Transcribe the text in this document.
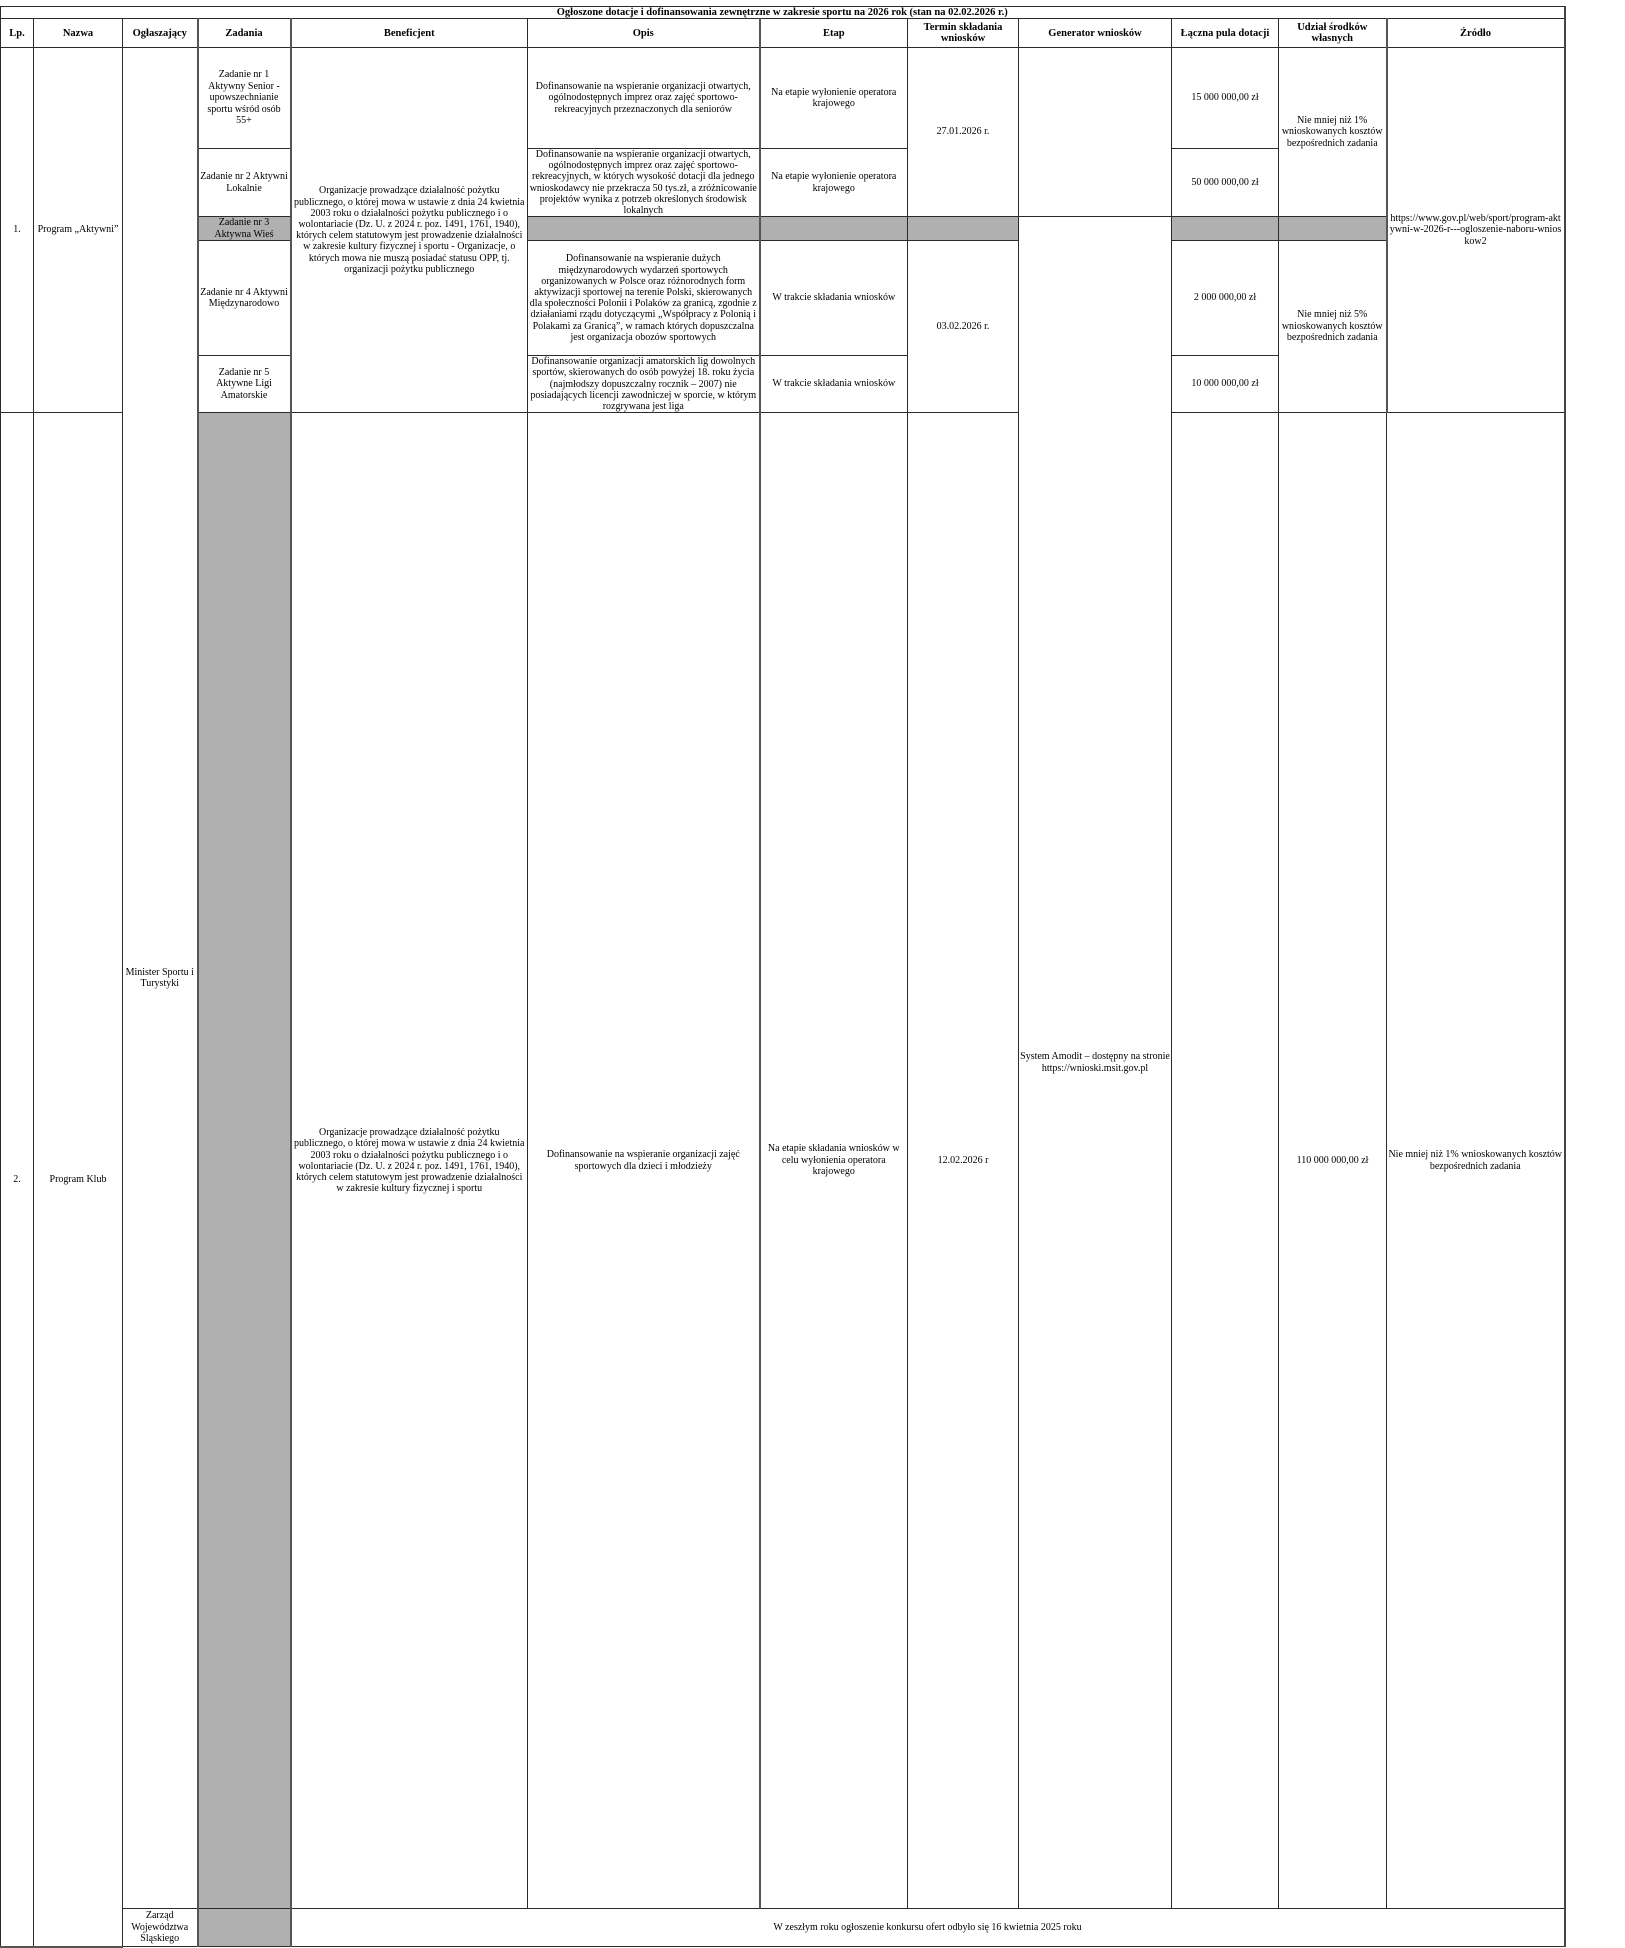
Ogłoszone dotacje i dofinansowania zewnętrzne w zakresie sportu na 2026 rok (stan na 02.02.2026 r.)												
Lp.	Nazwa	Ogłaszający	Zadania	Beneficjent	Opis	Etap	Termin składania wniosków	Generator wniosków	Łączna pula dotacji	Udział środków własnych	Źródło	
1.	Program „Aktywni”	Minister Sportu i Turystyki	Zadanie nr 1 Aktywny Senior - upowszechnianie sportu wśród osób 55+	Organizacje prowadzące działalność pożytku publicznego, o której mowa w ustawie z dnia 24 kwietnia 2003 roku o działalności pożytku publicznego i o wolontariacie (Dz. U. z 2024 r. poz. 1491, 1761, 1940), których celem statutowym jest prowadzenie działalności w zakresie kultury fizycznej i sportu - Organizacje, o których mowa nie muszą posiadać statusu OPP, tj. organizacji pożytku publicznego	Dofinansowanie na wspieranie organizacji otwartych, ogólnodostępnych imprez oraz zajęć sportowo-rekreacyjnych przeznaczonych dla seniorów	Na etapie wyłonienie operatora krajowego	27.01.2026 r.		15 000 000,00 zł	Nie mniej niż 1% wnioskowanych kosztów bezpośrednich zadania	https://www.gov.pl/web/sport/program-aktywni-w-2026-r---ogloszenie-naboru-wnioskow2	
			Zadanie nr 2 Aktywni Lokalnie		Dofinansowanie na wspieranie organizacji otwartych, ogólnodostępnych imprez oraz zajęć sportowo-rekreacyjnych, w których wysokość dotacji dla jednego wnioskodawcy nie przekracza 50 tys.zł, a zróżnicowanie projektów wynika z potrzeb określonych środowisk lokalnych	Na etapie wyłonienie operatora krajowego			50 000 000,00 zł			
			Zadanie nr 3 Aktywna Wieś					System Amodit – dostępny na stronie https://wnioski.msit.gov.pl				
			Zadanie nr 4 Aktywni Międzynarodowo		Dofinansowanie na wspieranie dużych międzynarodowych wydarzeń sportowych organizowanych w Polsce oraz różnorodnych form aktywizacji sportowej na terenie Polski, skierowanych dla społeczności Polonii i Polaków za granicą, zgodnie z działaniami rządu dotyczącymi „Współpracy z Polonią i Polakami za Granicą”, w ramach których dopuszczalna jest organizacja obozów sportowych	W trakcie składania wniosków	03.02.2026 r.		2 000 000,00 zł	Nie mniej niż 5% wnioskowanych kosztów bezpośrednich zadania		
			Zadanie nr 5 Aktywne Ligi Amatorskie		Dofinansowanie organizacji amatorskich lig dowolnych sportów, skierowanych do osób powyżej 18. roku życia (najmłodszy dopuszczalny rocznik – 2007) nie posiadających licencji zawodniczej w sporcie, w którym rozgrywana jest liga	W trakcie składania wniosków			10 000 000,00 zł			
2.	Program Klub			Organizacje prowadzące działalność pożytku publicznego, o której mowa w ustawie z dnia 24 kwietnia 2003 roku o działalności pożytku publicznego i o wolontariacie (Dz. U. z 2024 r. poz. 1491, 1761, 1940), których celem statutowym jest prowadzenie działalności w zakresie kultury fizycznej i sportu	Dofinansowanie na wspieranie organizacji zajęć sportowych dla dzieci i młodzieży	Na etapie składania wniosków w celu wyłonienia operatora krajowego	12.02.2026 r			110 000 000,00 zł	Nie mniej niż 1% wnioskowanych kosztów bezpośrednich zadania	
		Zarząd Województwa Śląskiego		W zeszłym roku ogłoszenie konkursu ofert odbyło się 16 kwietnia 2025 roku								
